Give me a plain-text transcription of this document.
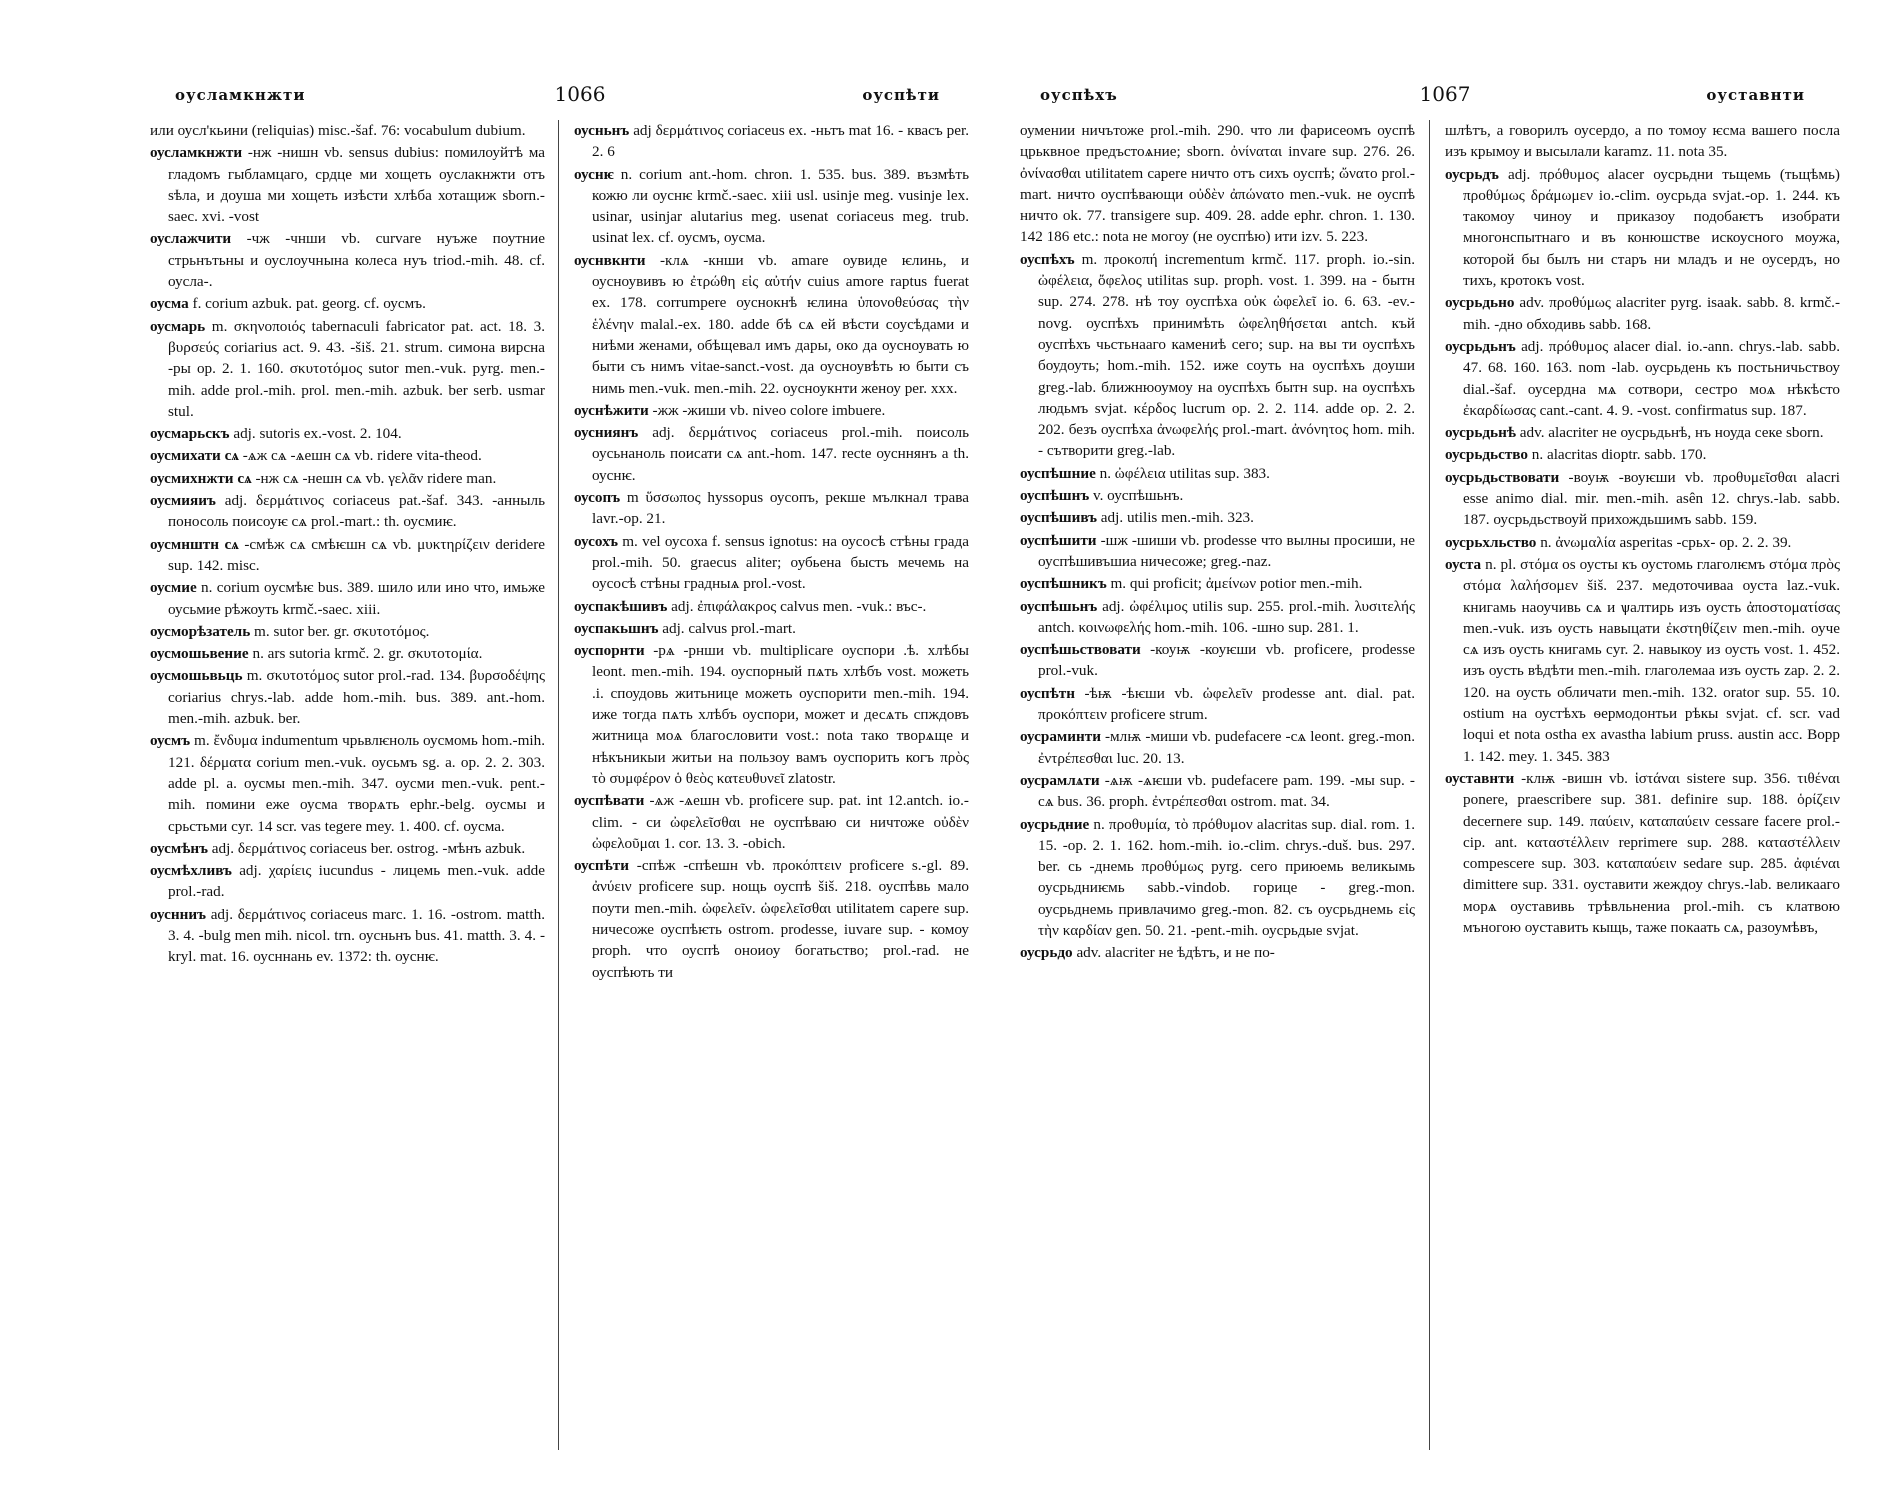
оусламкнжти	1066	оуспѣти
или оусл'кьини (reliquias) misc.-šaf. 76: vocabulum dubium.
оусламкнжти -нж -нишн vb. sensus dubius: помилоуйтѣ ма гладомъ гыбламцаго, срдце ми хощеть оуслакнжти отъ sѣла, и доуша ми хощеть изѣсти хлѣба хотащиж sborn.-saec. xvi. -vost
оуслажчити -чж -чнши vb. curvare нуъже поутние стрьнътьны и оуслоучнына колеса нуъ triod.-mih. 48. cf. оусла-.
оусма f. corium azbuk. pat. georg. cf. оусмъ.
оусмарь m. σκηνοποιός tabernaculi fabricator pat. act. 18. 3. βυρσεύς coriarius act. 9. 43. -šiš. 21. strum. симона вирсна -ры op. 2. 1. 160. σκυτοτόμος sutor men.-vuk. pyrg. men.-mih. adde prol.-mih. prol. men.-mih. azbuk. ber serb. usmar stul.
оусмарьскъ adj. sutoris ex.-vost. 2. 104.
оусмихати сѧ -ѧж сѧ -ѧешн сѧ vb. ridere vita-theod.
оусмихнжти сѧ -нж сѧ -нешн сѧ vb. γελᾶν ridere man.
оусмияиъ adj. δερμάτινος coriaceus pat.-šaf. 343. -анныль поносоль поисоуѥ сѧ prol.-mart.: th. оусмиѥ.
оусмнштн сѧ -смѣж сѧ смѣѥшн сѧ vb. μυκτηρίζειν deridere sup. 142. misc.
оусмие n. corium оусмѣѥ bus. 389. шило или ино что, имьже оусьмие рѣжоуть krmč.-saec. xiii.
оусморѣзатель m. sutor ber. gr. σκυτοτόμος.
оусмошьвение n. ars sutoria krmč. 2. gr. σκυτοτομία.
оусмошьвьць m. σκυτοτόμος sutor prol.-rad. 134. βυρσοδέψης coriarius chrys.-lab. adde hom.-mih. bus. 389. ant.-hom. men.-mih. azbuk. ber.
оусмъ m. ἔνδυμα indumentum чрьвлѥноль оусмомь hom.-mih. 121. δέρματα corium men.-vuk. оусьмъ sg. a. op. 2. 2. 303. adde pl. a. оусмы men.-mih. 347. оусми men.-vuk. pent.-mih. помини еже оусма творѧть ephr.-belg. оусмы и срьстьми cyr. 14 scr. vas tegere mey. 1. 400. cf. оусма.
оусмѣнъ adj. δερμάτινος coriaceus ber. ostrog. -мѣнъ azbuk.
оусмѣхливъ adj. χαρίεις iucundus - лицемь men.-vuk. adde prol.-rad.
оуснниъ adj. δερμάτινος coriaceus marc. 1. 16. -ostrom. matth. 3. 4. -bulg men mih. nicol. trn. оусньнъ bus. 41. matth. 3. 4. -kryl. mat. 16. оусннань ev. 1372: th. оуснѥ.
оусньнъ adj δερμάτινος coriaceus ex. -ньтъ mat 16. - квасъ per. 2. 6
оуснѥ n. corium ant.-hom. chron. 1. 535. bus. 389. възмѣть кожю ли оуснѥ krmč.-saec. xiii usl. usinje meg. vusinje lex. usinar, usinjar alutarius meg. usenat coriaceus meg. trub. usinat lex. cf. оусмъ, оусма.
оуснвкнти -клѧ -кнши vb. amare оувиде ѥлинь, и оусноувивъ ю ἐτρώθη εἰς αὐτήν cuius amore raptus fuerat ex. 178. corrumpere оуснокнѣ ѥлина ὑπονοθεύσας τὴν ἑλένην malal.-ex. 180. adde бѣ сѧ ей вѣсти соусѣдами и ниѣми женами, обѣщевал имъ дары, око да оусноувать ю быти съ нимъ vitae-sanct.-vost. да оусноувѣть ю быти съ нимь men.-vuk. men.-mih. 22. оусноукнти женоу per. xxx.
оуснѣжити -жж -жиши vb. niveo colore imbuere.
оусниянъ adj. δερμάτινος coriaceus prol.-mih. поисоль оусьнаноль поисати сѧ ant.-hom. 147. recte оусннянъ a th. оуснѥ.
оусопъ m ὕσσωπος hyssopus оусопъ, рекше мълкнал трава lavr.-op. 21.
оусохъ m. vel оусоха f. sensus ignotus: на оусосѣ стѣны града prol.-mih. 50. graecus aliter; оубьена бысть мечемь на оусосѣ стѣны градныѧ prol.-vost.
оуспакѣшивъ adj. ἐπιφάλακρος calvus men. -vuk.: въс-.
оуспакьшнъ adj. calvus prol.-mart.
оуспорнти -рѧ -рнши vb. multiplicare оуспори .ѣ. хлѣбы leont. men.-mih. 194. оуспорный пѧть хлѣбъ vost. можеть .і. споудовь житьнице можеть оуспорити men.-mih. 194. иже тогда пѧть хлѣбъ оуспори, может и десѧть спждовъ житница моѧ благословити vost.: nota тако творѧще и нѣкъникыи житьи на пользоу вамъ оуспорить когъ πρὸς τὸ συμφέρον ὁ θεὸς κατευθυνεῖ zlatostr.
оуспѣвати -ѧж -ѧешн vb. proficere sup. pat. int 12.antch. io.-clim. - си ὠφελεῖσθαι не оуспѣваю си ничтоже οὐδὲν ὠφελοῦμαι 1. cor. 13. 3. -obich.
оуспѣти -спѣж -спѣешн vb. προκόπτειν proficere s.-gl. 89. ἀνύειν proficere sup. нощь оуспѣ šiš. 218. оуспѣвь мало поути men.-mih. ὠφελεῖν. ὠφελεῖσθαι utilitatem capere sup. ничесоже оуспѣѥть ostrom. prodesse, iuvare sup. - комоу proph. что оуспѣ оноиоу богатьство; prol.-rad. не оуспѣють ти
оуспѣхъ	1067	оуставнти
оумении ничътоже prol.-mih. 290. что ли фарисеомъ оуспѣ црьквное предъстоѧние; sborn. ὀνίναται invare sup. 276. 26. ὀνίνασθαι utilitatem capere ничто отъ сихъ оуспѣ; ὤνατο prol.-mart. ничто оуспѣвающи οὐδὲν ἀπώνατο men.-vuk. не оуспѣ ничто ok. 77. transigere sup. 409. 28. adde ephr. chron. 1. 130. 142 186 etc.: nota не могоу (не оуспѣю) ити izv. 5. 223.
оуспѣхъ m. προκοπή incrementum krmč. 117. proph. io.-sin. ὠφέλεια, ὄφελος utilitas sup. proph. vost. 1. 399. на - бытн sup. 274. 278. нѣ тоу оуспѣха οὐκ ὠφελεῖ io. 6. 63. -ev.-novg. оуспѣхъ принимѣть ὠφεληθήσεται antch. къй оуспѣхъ чьстьнааго камениѣ сего; sup. на вы ти оуспѣхъ боудоуть; hom.-mih. 152. иже соуть на оуспѣхъ доуши greg.-lab. ближнюоумоу на оуспѣхъ бытн sup. на оуспѣхъ людьмъ svjat. κέρδος lucrum op. 2. 2. 114. adde op. 2. 2. 202. безъ оуспѣха ἀνωφελής prol.-mart. ἀνόνητος hom. mih. - сътворити greg.-lab.
оуспѣшние n. ὠφέλεια utilitas sup. 383.
оуспѣшнъ v. оуспѣшьнъ.
оуспѣшивъ adj. utilis men.-mih. 323.
оуспѣшити -шж -шиши vb. prodesse что вылны просиши, не оуспѣшивъшиа ничесоже; greg.-naz.
оуспѣшникъ m. qui proficit; ἀμείνων potior men.-mih.
оуспѣшьнъ adj. ὠφέλιμος utilis sup. 255. prol.-mih. λυσιτελής antch. κοινωφελής hom.-mih. 106. -шно sup. 281. 1.
оуспѣшьствовати -коуѭ -коуѥши vb. proficere, prodesse prol.-vuk.
оуспѣтн -ѣѭ -ѣѥши vb. ὠφελεῖν prodesse ant. dial. pat. προκόπτειν proficere strum.
оусраминти -млѭ -миши vb. pudefacere -сѧ leont. greg.-mon. ἐντρέπεσθαι luc. 20. 13.
оусрамлѧти -ѧѭ -ѧѥши vb. pudefacere pam. 199. -мы sup. - сѧ bus. 36. proph. ἐντρέπεσθαι ostrom. mat. 34.
оусрьдние n. προθυμία, τὸ πρόθυμον alacritas sup. dial. rom. 1. 15. -op. 2. 1. 162. hom.-mih. io.-clim. chrys.-duš. bus. 297. ber. сь -днемь προθύμως pyrg. сего приюемь великымь оусрьдниѥмь sabb.-vindob. горице - greg.-mon. оусрьднемь привлачимо greg.-mon. 82. съ оусрьднемь εἰς τὴν καρδίαν gen. 50. 21. -pent.-mih. оусрьдые svjat.
оусрьдо adv. alacriter не ѣдѣтъ, и не по-
шлѣтъ, а говорилъ оусердо, а по томоу ѥсма вашего посла изъ крымоу и высылали karamz. 11. nota 35.
оусрьдъ adj. πρόθυμος alacer оусрьдни тьщемь (тьщѣмь) προθύμως δράμωμεν io.-clim. оусрьда svjat.-op. 1. 244. къ такомоу чиноу и приказоу подобаѥтъ изобрати многонспытнаго и въ конюшстве искоусного моужа, которой бы былъ ни старъ ни младъ и не оусердъ, но тихъ, кротокъ vost.
оусрьдьно adv. προθύμως alacriter pyrg. isaak. sabb. 8. krmč.-mih. -дно обходивь sabb. 168.
оусрьдьнъ adj. πρόθυμος alacer dial. io.-ann. chrys.-lab. sabb. 47. 68. 160. 163. nom -lab. оусрьдень къ постьничьствоу dial.-šaf. оусердна мѧ сотвори, сестро моѧ нѣкѣсто ἐκαρδίωσας cant.-cant. 4. 9. -vost. confirmatus sup. 187.
оусрьдьнѣ adv. alacriter не оусрьдьнѣ, нъ ноуда секе sborn.
оусрьдьство n. alacritas dioptr. sabb. 170.
оусрьдьствовати -воуѭ -воуѥши vb. προθυμεῖσθαι alacri esse animo dial. mir. men.-mih. asên 12. chrys.-lab. sabb. 187. оусрьдьствоуй прихождьшимъ sabb. 159.
оусрьхльство n. ἀνωμαλία asperitas -срьх- op. 2. 2. 39.
оуста n. pl. στόμα os оусты къ оустомь глаголѥмъ στόμα πρὸς στόμα λαλήσομεν šiš. 237. медоточиваа оуста laz.-vuk. книгамь наоучивь сѧ и ѱалтирь изъ оусть ἀποστοματίσας men.-vuk. изъ оусть навыцати ἐκστηθίζειν men.-mih. оуче сѧ изъ оусть книгамь cyr. 2. навыкоу из оусть vost. 1. 452. изъ оусть вѣдѣти men.-mih. глаголемаа изъ оусть zap. 2. 2. 120. на оусть обличати men.-mih. 132. orator sup. 55. 10. ostium на оустѣхъ ѳермодонтьи рѣкы svjat. cf. scr. vad loqui et nota ostha ex avastha labium pruss. austin acc. Bopp 1. 142. mey. 1. 345. 383
оуставнти -клѭ -вишн vb. ἱστάναι sistere sup. 356. τιθέναι ponere, praescribere sup. 381. definire sup. 188. ὁρίζειν decernere sup. 149. παύειν, καταπαύειν cessare facere prol.-cip. ant. καταστέλλειν reprimere sup. 288. καταστέλλειν compescere sup. 303. καταπαύειν sedare sup. 285. ἀφιέναι dimittere sup. 331. оуставити жеждоу chrys.-lab. великааго морѧ оуставивь трѣвльнениа prol.-mih. съ клатвою мъногою оуставить кыщь, таже покаать сѧ, разоумѣвъ,
